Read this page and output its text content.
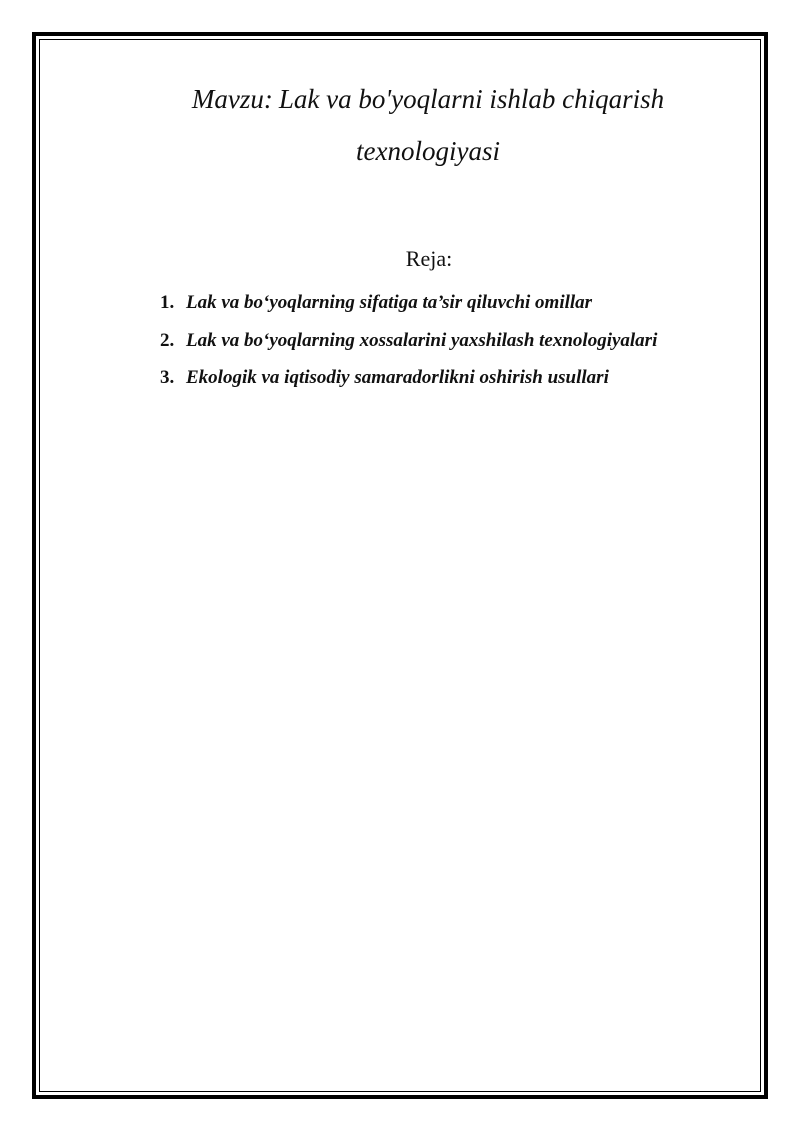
Mavzu: Lak va bo'yoqlarni ishlab chiqarish
texnologiyasi
Reja:
1. Lak va bo‘yoqlarning sifatiga ta’sir qiluvchi omillar
2. Lak va bo‘yoqlarning xossalarini yaxshilash texnologiyalari
3. Ekologik va iqtisodiy samaradorlikni oshirish usullari
